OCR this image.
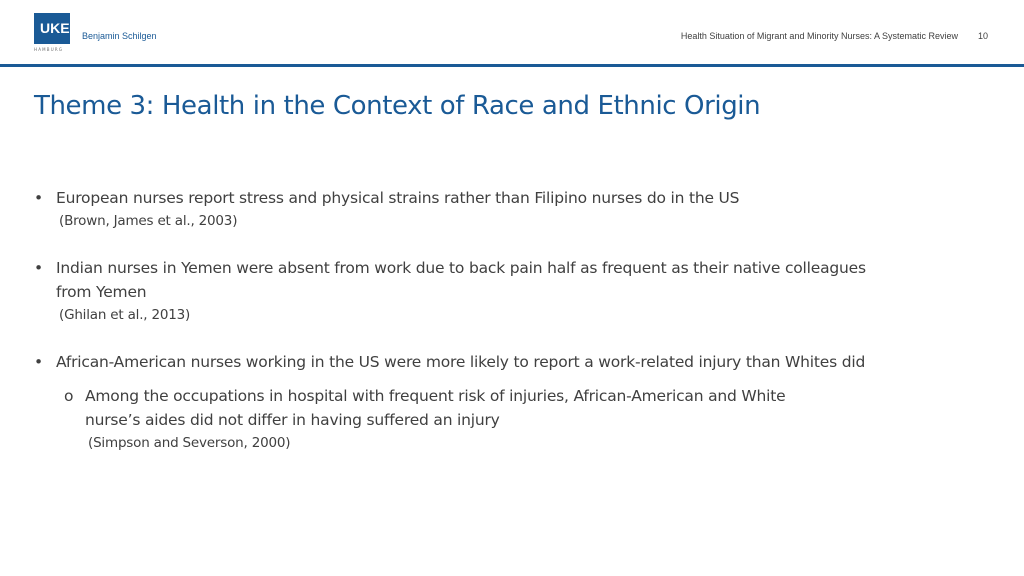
UKE
HAMBURG
Benjamin Schilgen	Health Situation of Migrant and Minority Nurses: A Systematic Review 10
Theme 3: Health in the Context of Race and Ethnic Origin
• European nurses report stress and physical strains rather than Filipino nurses do in the US
(Brown, James et al., 2003)
• Indian nurses in Yemen were absent from work due to back pain half as frequent as their native colleagues
from Yemen
(Ghilan et al., 2013)
• African-American nurses working in the US were more likely to report a work-related injury than Whites did
o Among the occupations in hospital with frequent risk of injuries, African-American and White
nurse’s aides did not differ in having suffered an injury
(Simpson and Severson, 2000)
